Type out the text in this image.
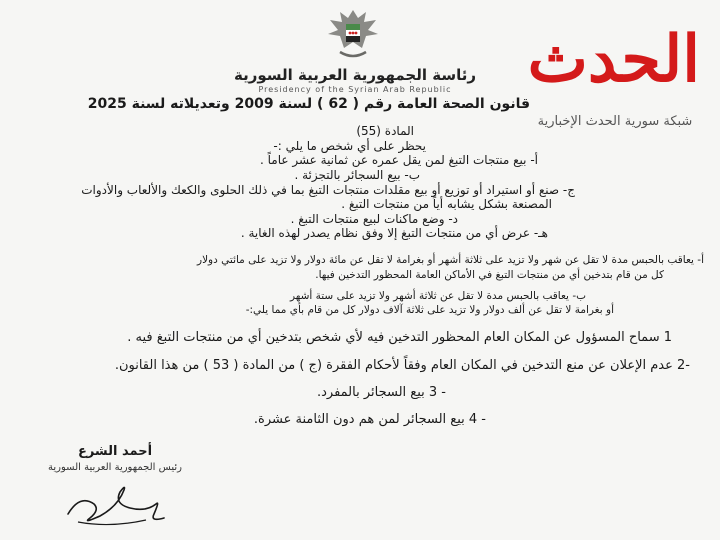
رئاسة الجمهورية العربية السورية
Presidency of the Syrian Arab Republic	الحدث
شبكة سورية الحدث الإخبارية
قانون الصحة العامة رقم ( 62 ) لسنة 2009 وتعديلاته لسنة 2025
المادة (55)
يحظر على أي شخص ما يلي :-
أ- بيع منتجات التبغ لمن يقل عمره عن ثمانية عشر عاماً .
ب- بيع السجائر بالتجزئة .
ج- صنع أو استيراد أو توزيع أو بيع مقلدات منتجات التبغ بما في ذلك الحلوى والكعك والألعاب والأدوات
المصنعة بشكل يشابه أياً من منتجات التبغ .
د- وضع ماكنات لبيع منتجات التبغ .
هـ- عرض أي من منتجات التبغ إلا وفق نظام يصدر لهذه الغاية .
أ- يعاقب بالحبس مدة لا تقل عن شهر ولا تزيد على ثلاثة أشهر أو بغرامة لا تقل عن مائة دولار ولا تزيد على مائتي دولار
كل من قام بتدخين أي من منتجات التبغ في الأماكن العامة المحظور التدخين فيها.
ب- يعاقب بالحبس مدة لا تقل عن ثلاثة أشهر ولا تزيد على ستة أشهر
أو بغرامة لا تقل عن ألف دولار ولا تزيد على ثلاثة آلاف دولار كل من قام بأي مما يلي:-
1 سماح المسؤول عن المكان العام المحظور التدخين فيه لأي شخص بتدخين أي من منتجات التبغ فيه .
-2 عدم الإعلان عن منع التدخين في المكان العام وفقاً لأحكام الفقرة (ج ) من المادة ( 53 ) من هذا القانون.
- 3 بيع السجائر بالمفرد.
- 4 بيع السجائر لمن هم دون الثامنة عشرة.
أحمد الشرع
رئيس الجمهورية العربية السورية
